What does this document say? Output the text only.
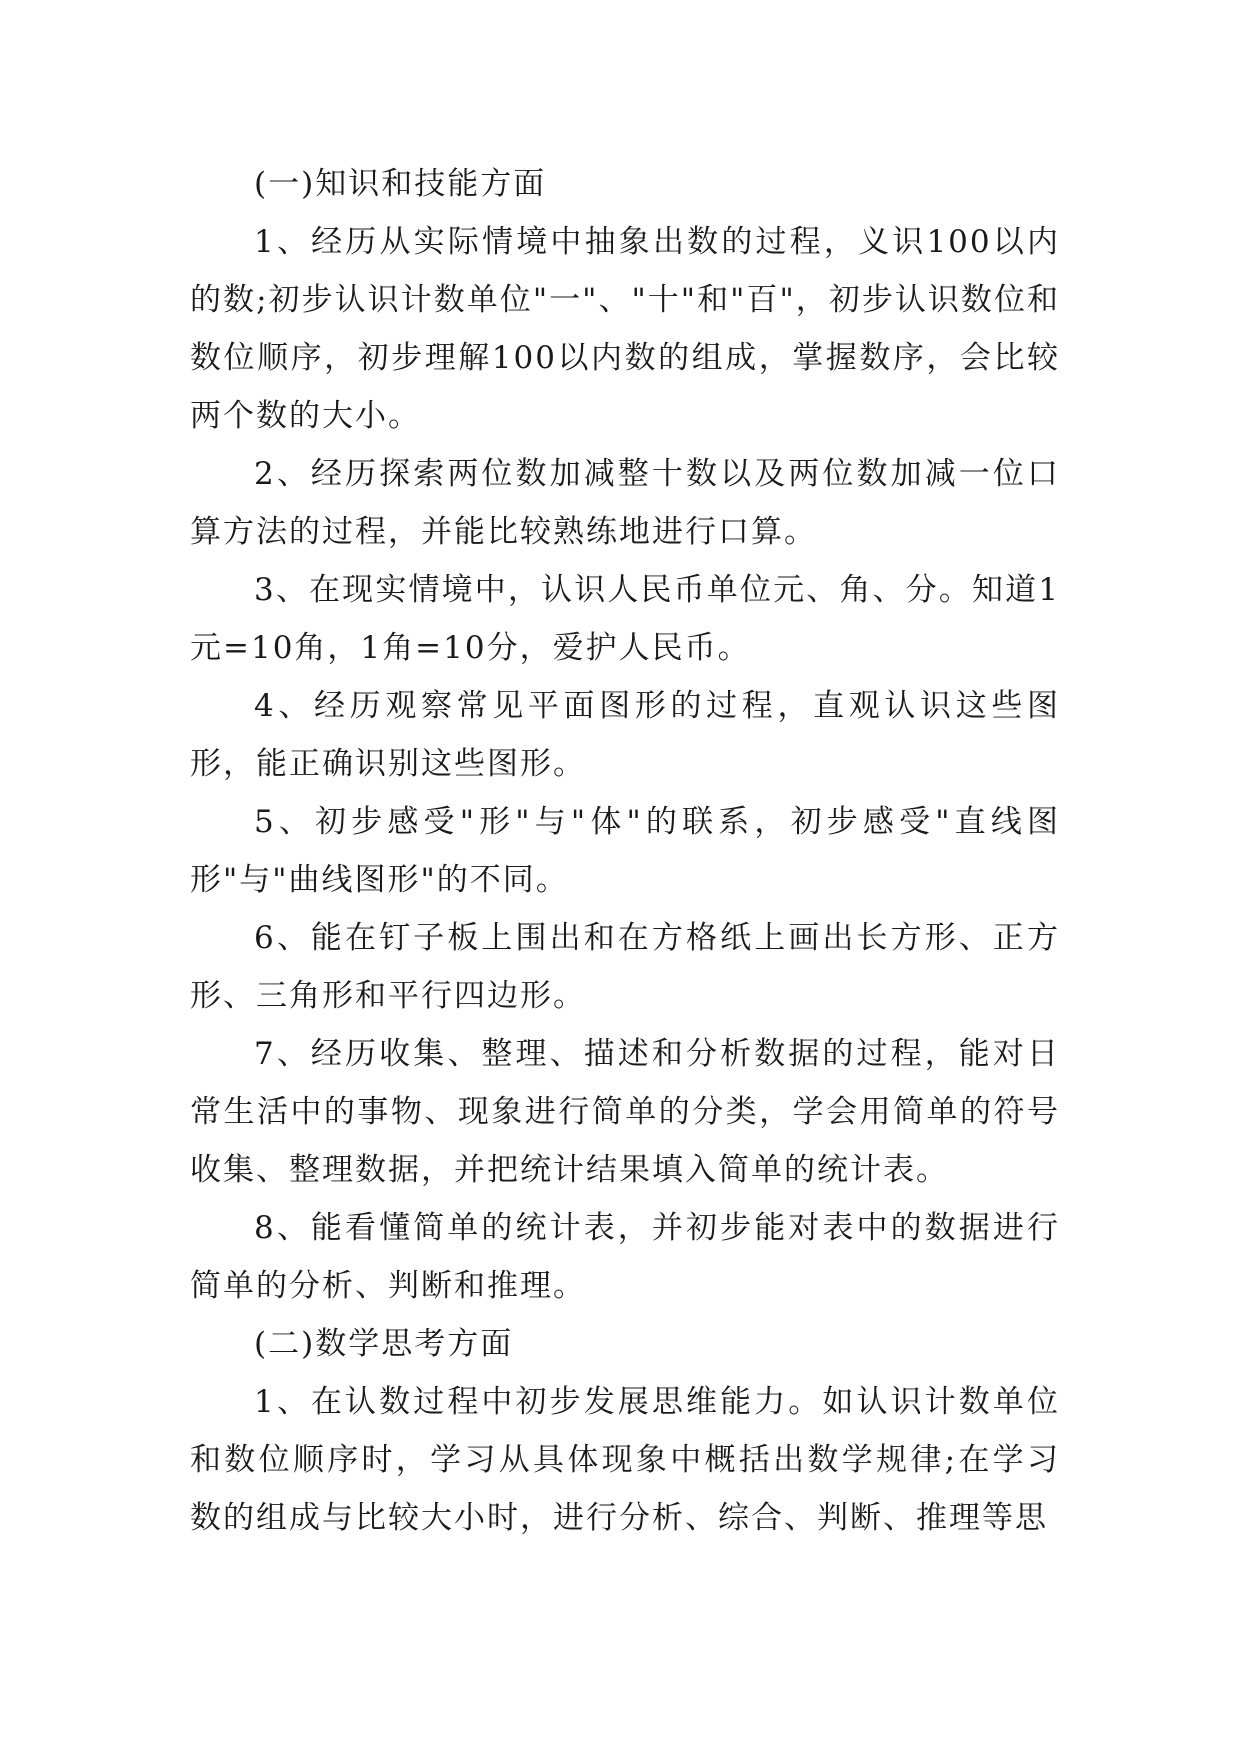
(一)知识和技能方面

1、经历从实际情境中抽象出数的过程，义识100以内的数;初步认识计数单位"一"、"十"和"百"，初步认识数位和数位顺序，初步理解100以内数的组成，掌握数序，会比较两个数的大小。

2、经历探索两位数加减整十数以及两位数加减一位口算方法的过程，并能比较熟练地进行口算。

3、在现实情境中，认识人民币单位元、角、分。知道1元=10角，1角=10分，爱护人民币。

4、经历观察常见平面图形的过程，直观认识这些图形，能正确识别这些图形。

5、初步感受"形"与"体"的联系，初步感受"直线图形"与"曲线图形"的不同。

6、能在钉子板上围出和在方格纸上画出长方形、正方形、三角形和平行四边形。

7、经历收集、整理、描述和分析数据的过程，能对日常生活中的事物、现象进行简单的分类，学会用简单的符号收集、整理数据，并把统计结果填入简单的统计表。

8、能看懂简单的统计表，并初步能对表中的数据进行简单的分析、判断和推理。

(二)数学思考方面

1、在认数过程中初步发展思维能力。如认识计数单位和数位顺序时，学习从具体现象中概括出数学规律;在学习数的组成与比较大小时，进行分析、综合、判断、推理等思
